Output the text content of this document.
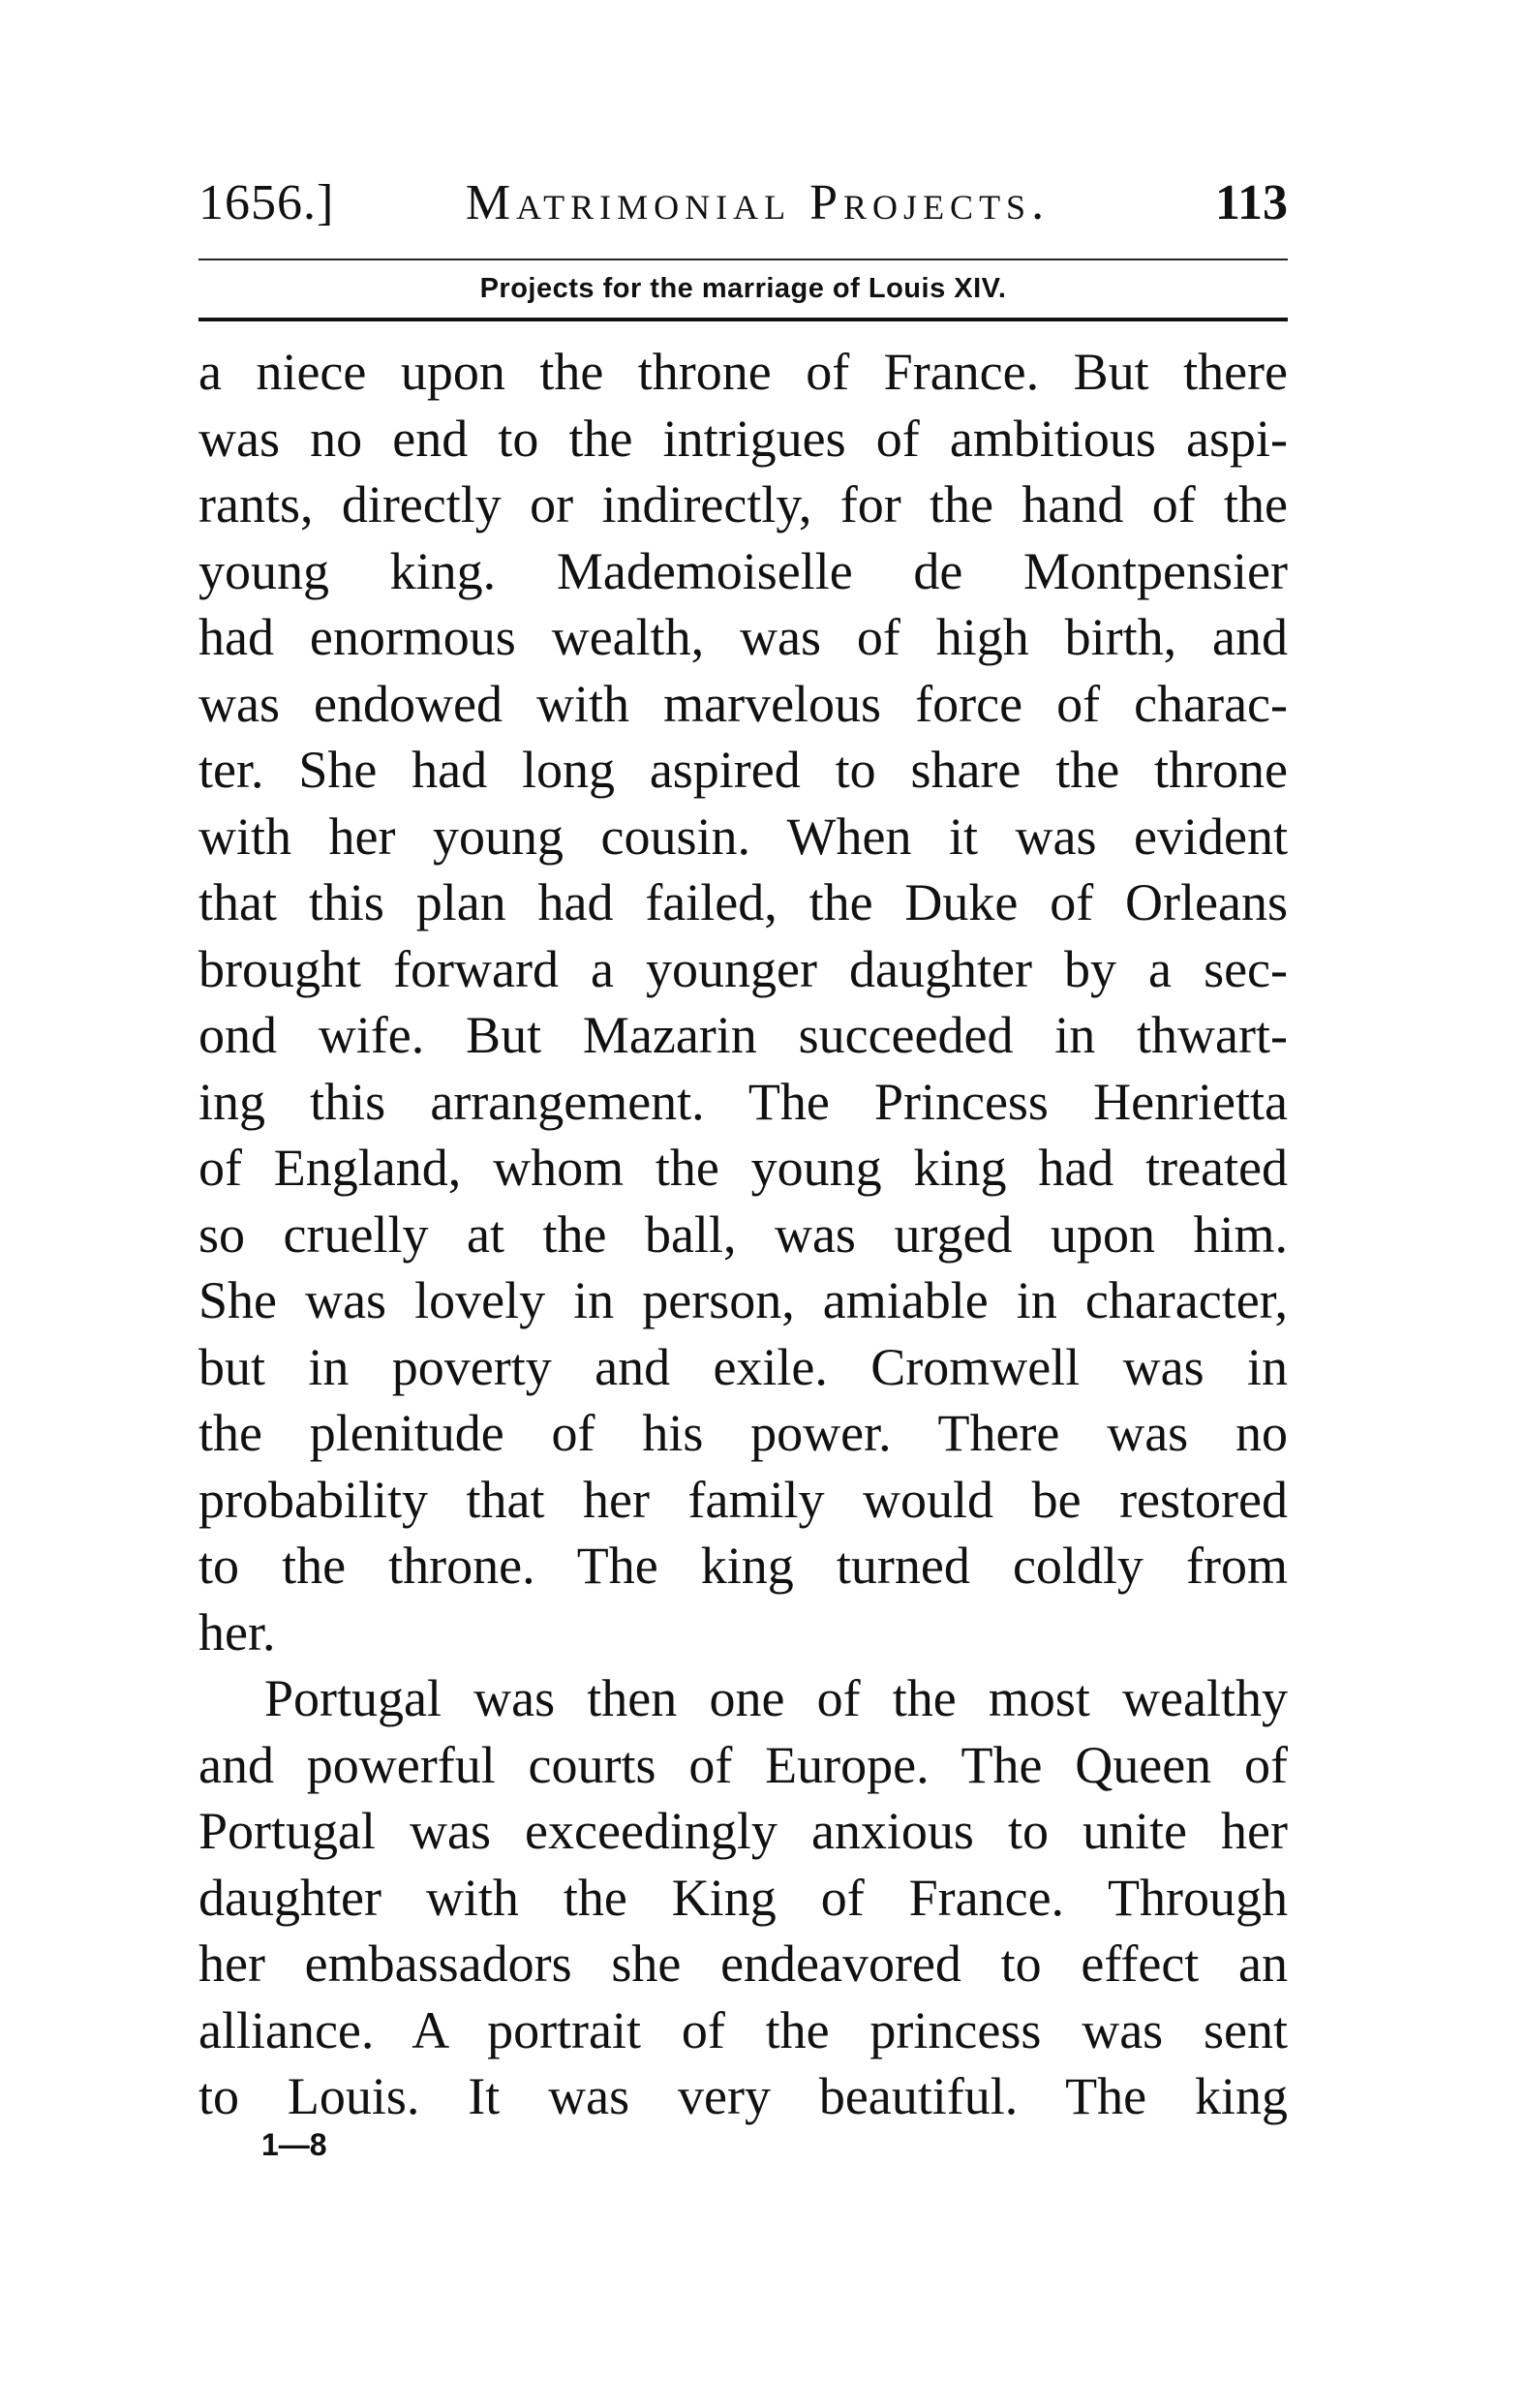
1656.]	Matrimonial Projects.	113
Projects for the marriage of Louis XIV.
a niece upon the throne of France. But there
was no end to the intrigues of ambitious aspi-
rants, directly or indirectly, for the hand of the
young king. Mademoiselle de Montpensier
had enormous wealth, was of high birth, and
was endowed with marvelous force of charac-
ter. She had long aspired to share the throne
with her young cousin. When it was evident
that this plan had failed, the Duke of Orleans
brought forward a younger daughter by a sec-
ond wife. But Mazarin succeeded in thwart-
ing this arrangement. The Princess Henrietta
of England, whom the young king had treated
so cruelly at the ball, was urged upon him.
She was lovely in person, amiable in character,
but in poverty and exile. Cromwell was in
the plenitude of his power. There was no
probability that her family would be restored
to the throne. The king turned coldly from
her.
Portugal was then one of the most wealthy
and powerful courts of Europe. The Queen of
Portugal was exceedingly anxious to unite her
daughter with the King of France. Through
her embassadors she endeavored to effect an
alliance. A portrait of the princess was sent
to Louis. It was very beautiful. The king
1—8
